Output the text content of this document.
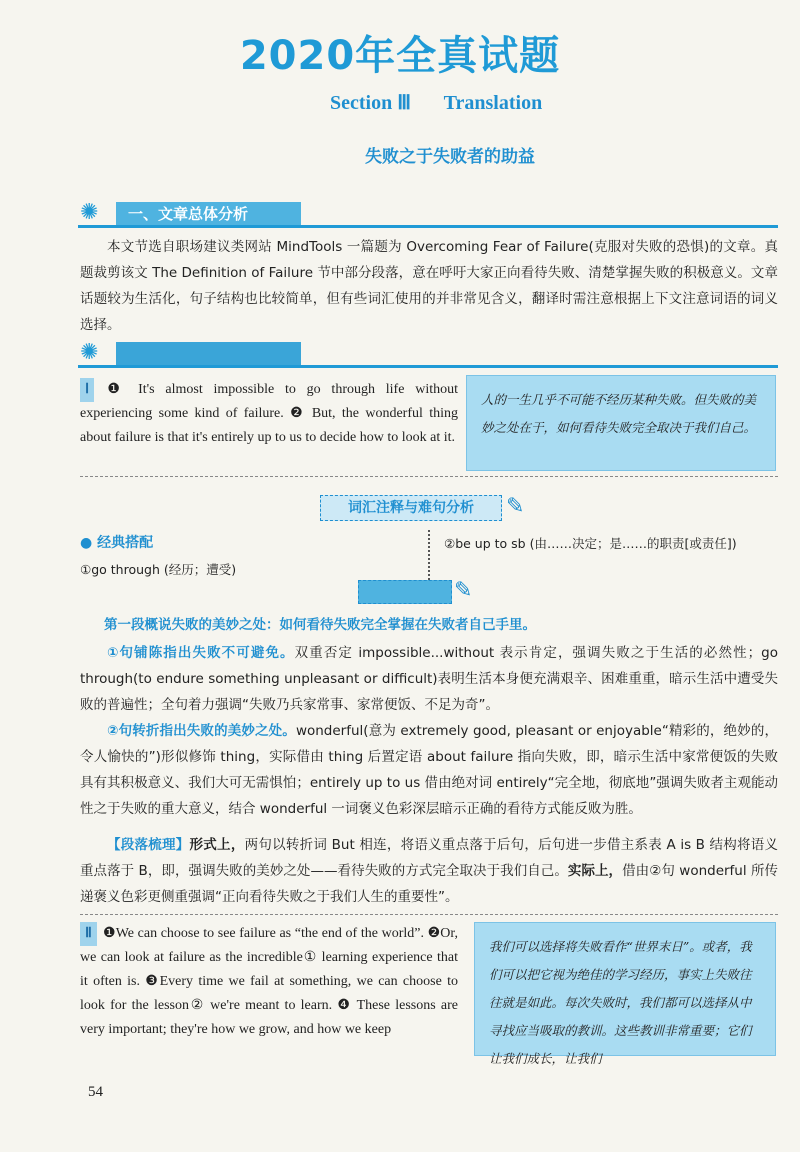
2020年全真试题
Section Ⅲ Translation
失败之于失败者的助益
✺	一、文章总体分析
本文节选自职场建议类网站 MindTools 一篇题为 Overcoming Fear of Failure(克服对失败的恐惧)的文章。真题裁剪该文 The Definition of Failure 节中部分段落，意在呼吁大家正向看待失败、清楚掌握失败的积极意义。文章话题较为生活化，句子结构也比较简单，但有些词汇使用的并非常见含义，翻译时需注意根据上下文注意词语的词义选择。
✺
Ⅰ ❶ It's almost impossible to go through life without experiencing some kind of failure. ❷ But, the wonderful thing about failure is that it's entirely up to us to decide how to look at it.
人的一生几乎不可能不经历某种失败。但失败的美妙之处在于，如何看待失败完全取决于我们自己。
词汇注释与难句分析	✎
● 经典搭配
①go through (经历；遭受)
②be up to sb (由……决定；是……的职责[或责任])
✎
第一段概说失败的美妙之处：如何看待失败完全掌握在失败者自己手里。
①句铺陈指出失败不可避免。双重否定 impossible...without 表示肯定，强调失败之于生活的必然性；go through(to endure something unpleasant or difficult)表明生活本身便充满艰辛、困难重重，暗示生活中遭受失败的普遍性；全句着力强调“失败乃兵家常事、家常便饭、不足为奇”。
②句转折指出失败的美妙之处。wonderful(意为 extremely good, pleasant or enjoyable“精彩的，绝妙的，令人愉快的”)形似修饰 thing，实际借由 thing 后置定语 about failure 指向失败，即，暗示生活中家常便饭的失败具有其积极意义、我们大可无需惧怕；entirely up to us 借由绝对词 entirely“完全地，彻底地”强调失败者主观能动性之于失败的重大意义，结合 wonderful 一词褒义色彩深层暗示正确的看待方式能反败为胜。
【段落梳理】形式上，两句以转折词 But 相连，将语义重点落于后句，后句进一步借主系表 A is B 结构将语义重点落于 B，即，强调失败的美妙之处——看待失败的方式完全取决于我们自己。实际上，借由②句 wonderful 所传递褒义色彩更侧重强调“正向看待失败之于我们人生的重要性”。
Ⅱ ❶We can choose to see failure as “the end of the world”. ❷Or, we can look at failure as the incredible① learning experience that it often is. ❸Every time we fail at something, we can choose to look for the lesson② we're meant to learn. ❹ These lessons are very important; they're how we grow, and how we keep
我们可以选择将失败看作“世界末日”。或者，我们可以把它视为绝佳的学习经历，事实上失败往往就是如此。每次失败时，我们都可以选择从中寻找应当吸取的教训。这些教训非常重要；它们让我们成长，让我们
54
